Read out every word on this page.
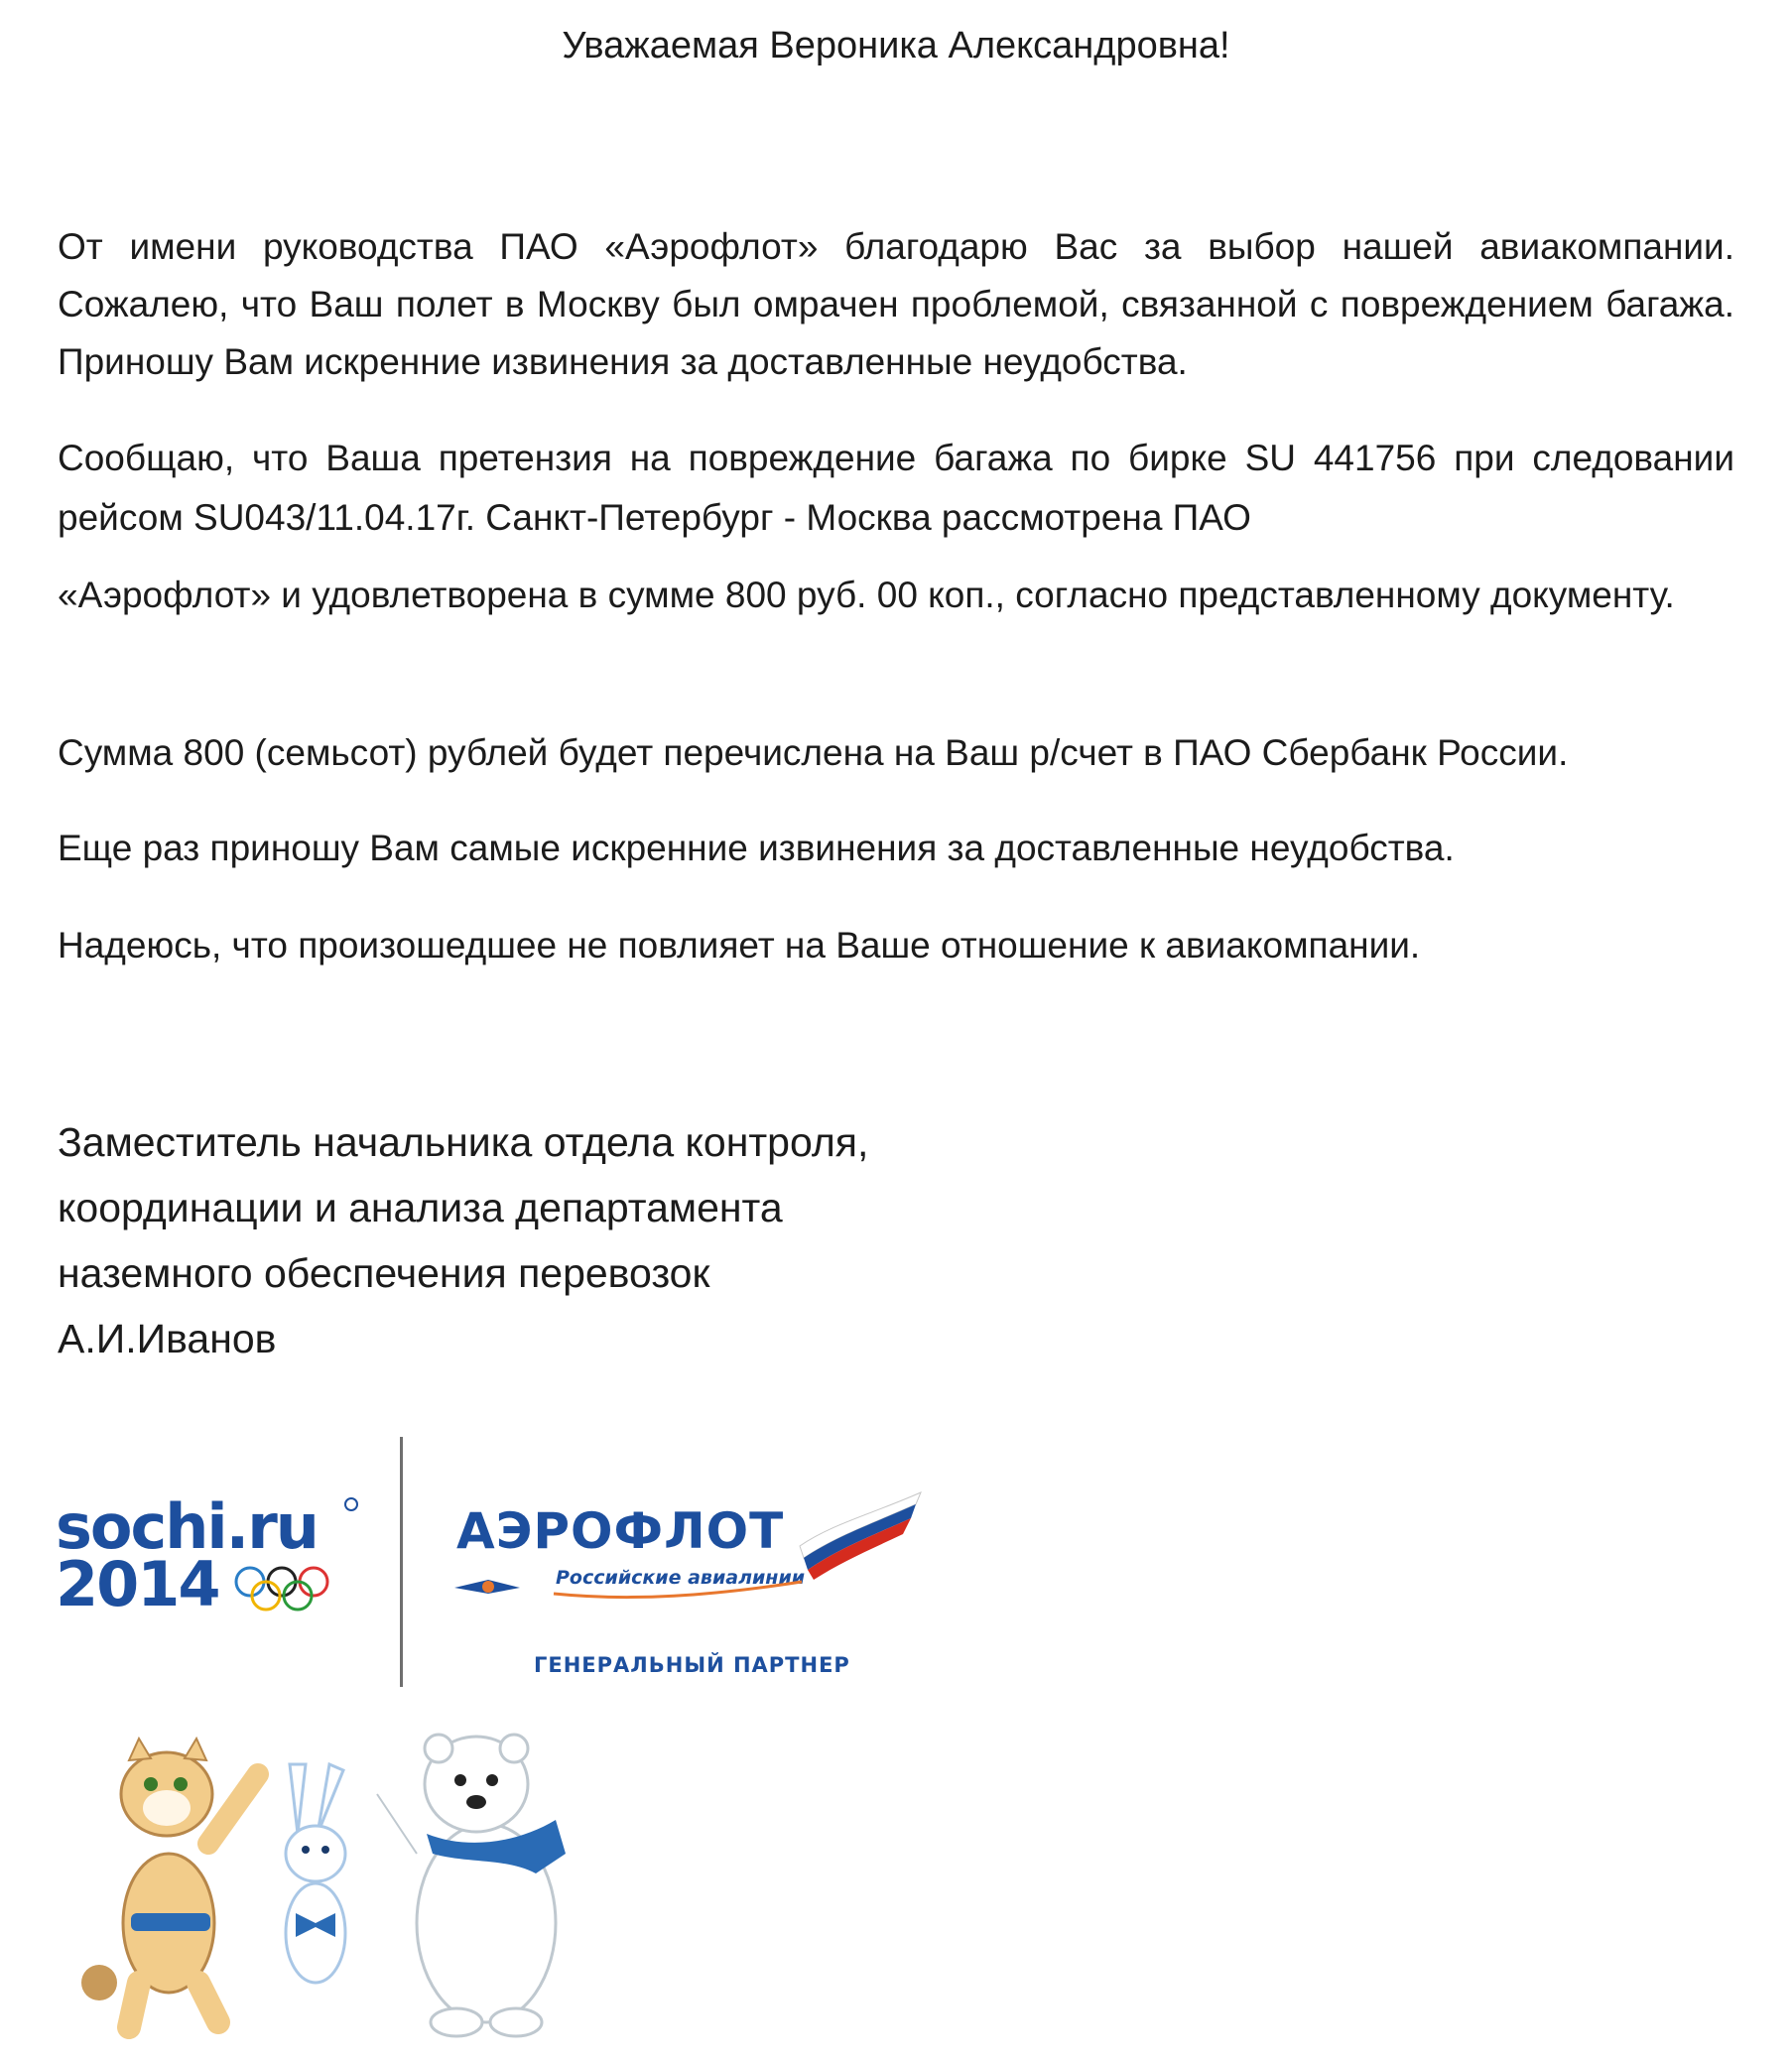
Уважаемая Вероника Александровна!

От имени руководства ПАО «Аэрофлот» благодарю Вас за выбор нашей авиакомпании. Сожалею, что Ваш полет в Москву был омрачен проблемой, связанной с повреждением багажа. Приношу Вам искренние извинения за доставленные неудобства.

Сообщаю, что Ваша претензия на повреждение багажа по бирке SU 441756 при следовании рейсом SU043/11.04.17г. Санкт-Петербург - Москва рассмотрена ПАО
«Аэрофлот» и удовлетворена в сумме 800 руб. 00 коп., согласно представленному документу.

Сумма 800 (семьсот) рублей будет перечислена на Ваш р/счет в ПАО Сбербанк России.

Еще раз приношу Вам самые искренние извинения за доставленные неудобства.

Надеюсь, что произошедшее не повлияет на Ваше отношение к авиакомпании.

Заместитель начальника отдела контроля,
координации и анализа департамента
наземного обеспечения перевозок
А.И.Иванов
sochi.ru
2014
АЭРОФЛОТ
Российские авиалинии
ГЕНЕРАЛЬНЫЙ ПАРТНЕР
